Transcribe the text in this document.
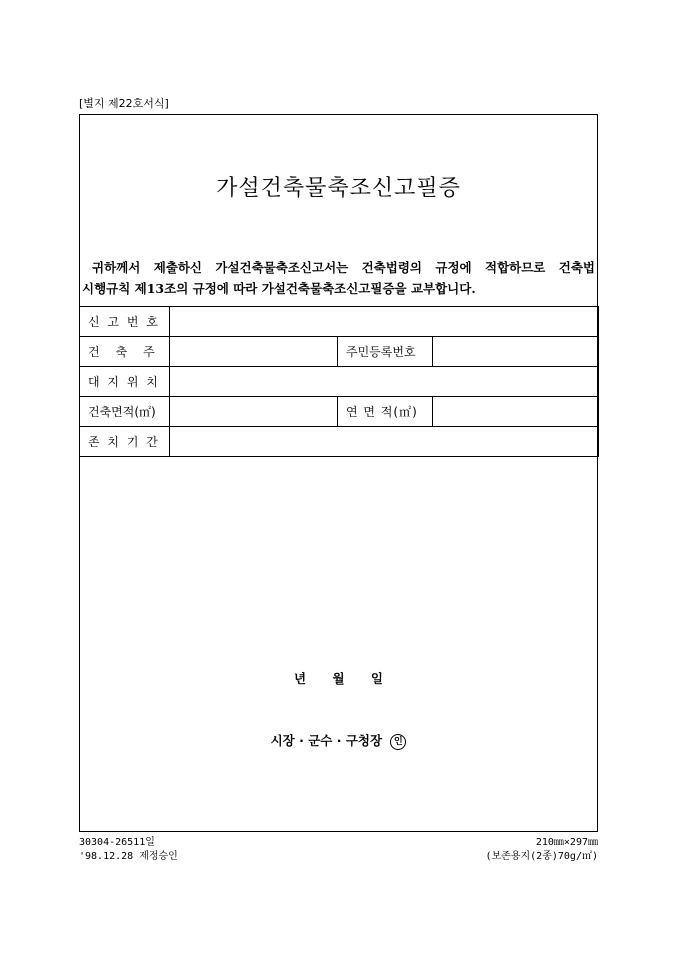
[별지 제22호서식]
가설건축물축조신고필증
귀하께서 제출하신 가설건축물축조신고서는 건축법령의 규정에 적합하므로 건축법
시행규칙 제13조의 규정에 따라 가설건축물축조신고필증을 교부합니다.
신 고 번 호			
건　축　주		주민등록번호	
대 지 위 치			
건축면적(㎡)		연 면 적(㎡)	
존 치 기 간			
년 월 일
시장 · 군수 · 구청장 인
30304-26511일
'98.12.28 제정승인
210㎜×297㎜
(보존용지(2종)70g/㎡)
